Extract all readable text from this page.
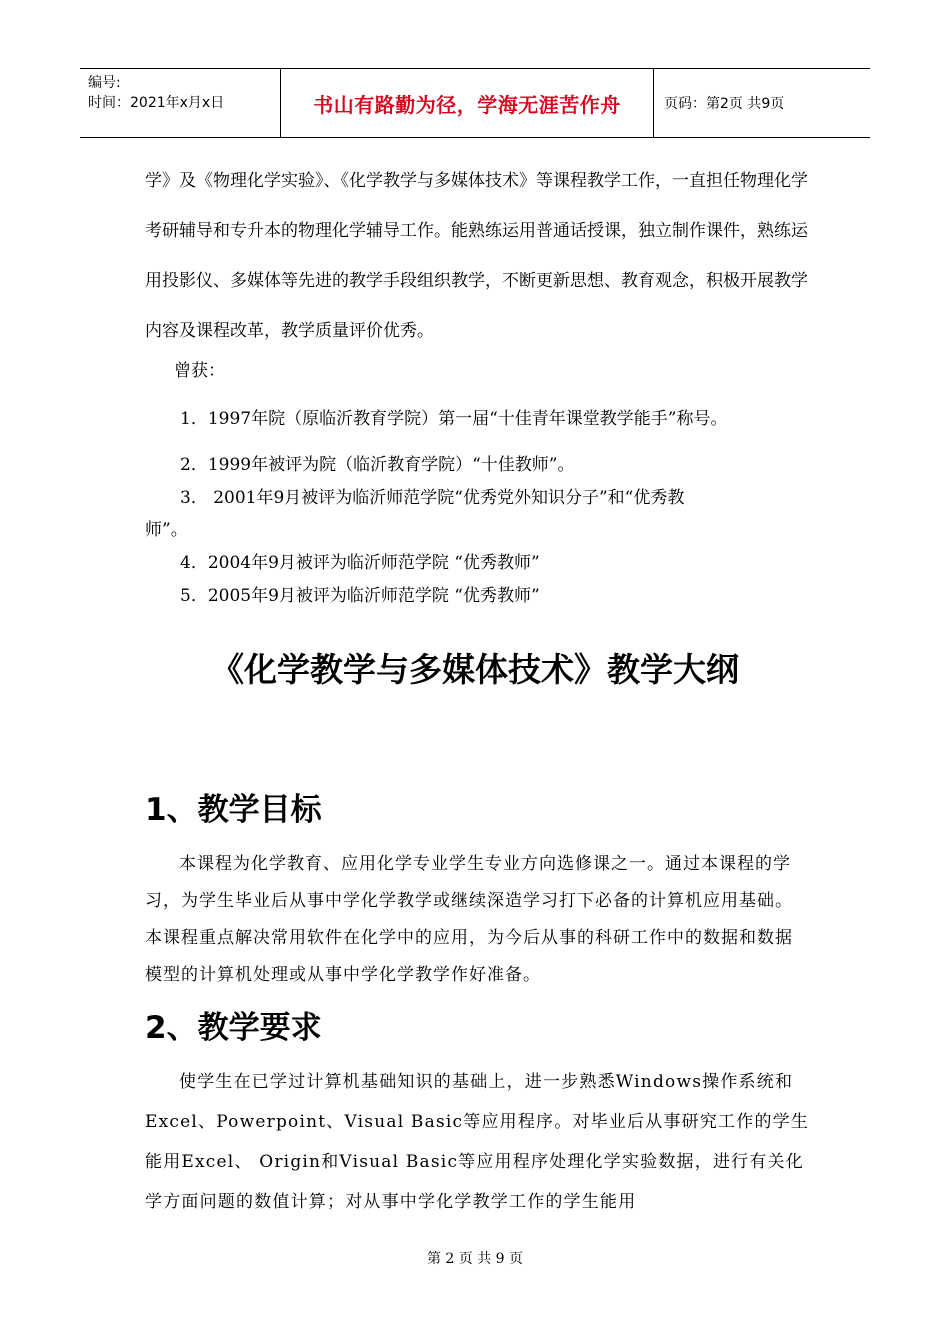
编号:
时间：2021年x月x日	书山有路勤为径，学海无涯苦作舟	页码：第2页 共9页

学》及《物理化学实验》、《化学教学与多媒体技术》等课程教学工作，一直担任物理化学考研辅导和专升本的物理化学辅导工作。能熟练运用普通话授课，独立制作课件，熟练运用投影仪、多媒体等先进的教学手段组织教学，不断更新思想、教育观念，积极开展教学内容及课程改革，教学质量评价优秀。

曾获：

1．1997年院（原临沂教育学院）第一届“十佳青年课堂教学能手”称号。

2．1999年被评为院（临沂教育学院）“十佳教师”。

3． 2001年9月被评为临沂师范学院“优秀党外知识分子”和“优秀教

师”。

4．2004年9月被评为临沂师范学院 “优秀教师”

5．2005年9月被评为临沂师范学院 “优秀教师”

《化学教学与多媒体技术》教学大纲
1、教学目标

本课程为化学教育、应用化学专业学生专业方向选修课之一。通过本课程的学习，为学生毕业后从事中学化学教学或继续深造学习打下必备的计算机应用基础。本课程重点解决常用软件在化学中的应用，为今后从事的科研工作中的数据和数据模型的计算机处理或从事中学化学教学作好准备。

2、教学要求

使学生在已学过计算机基础知识的基础上，进一步熟悉Windows操作系统和Excel、Powerpoint、Visual Basic等应用程序。对毕业后从事研究工作的学生能用Excel、 Origin和Visual Basic等应用程序处理化学实验数据，进行有关化学方面问题的数值计算；对从事中学化学教学工作的学生能用

第 2 页 共 9 页
